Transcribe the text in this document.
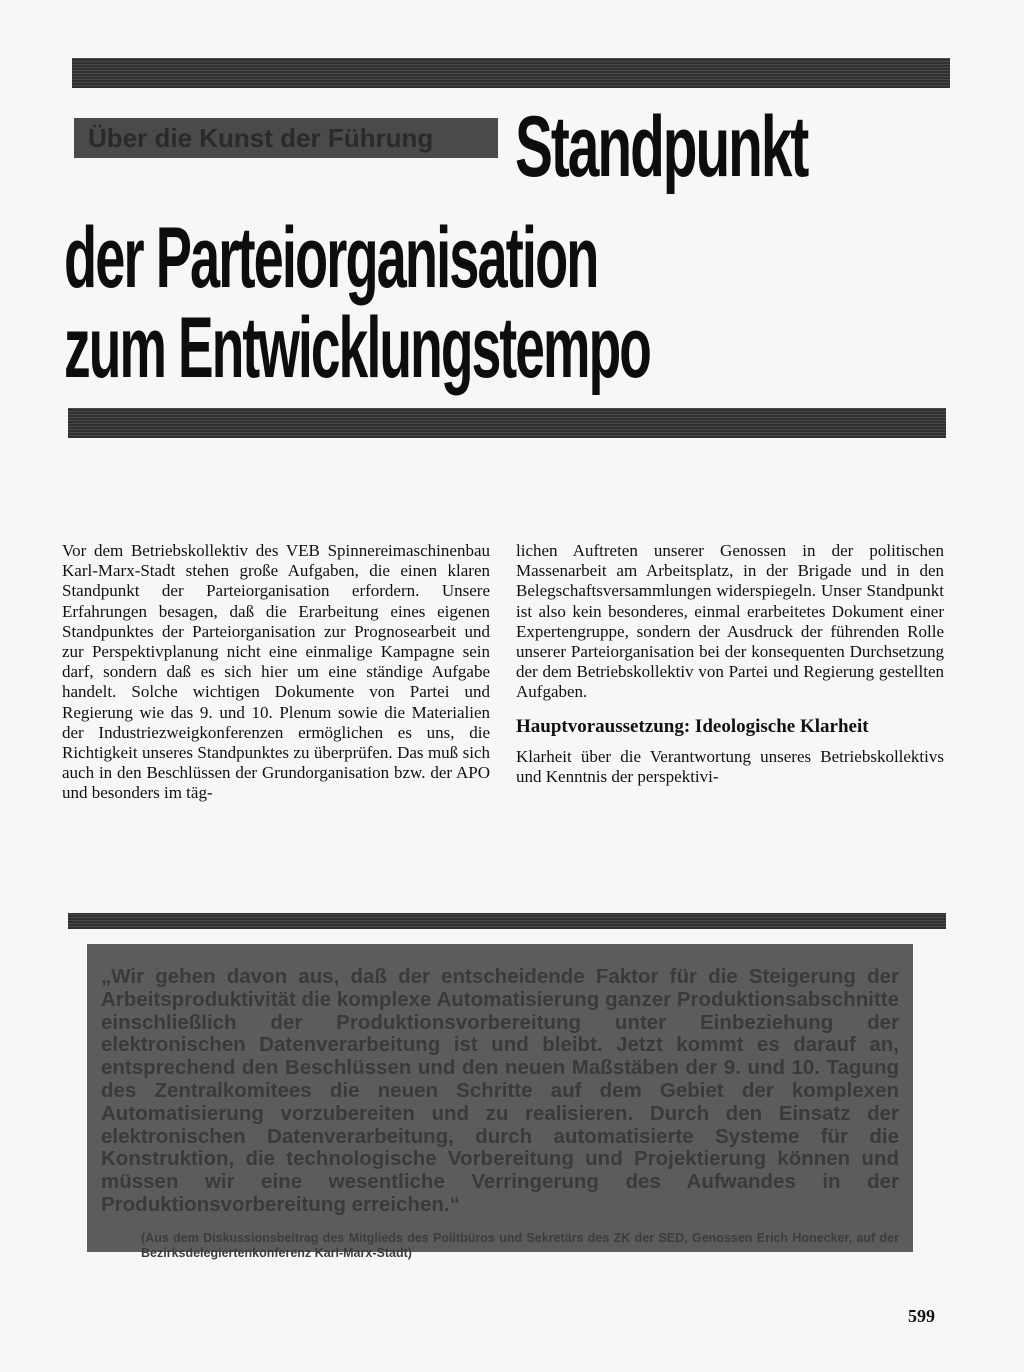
Über die Kunst der Führung Standpunkt
der Parteiorganisation
zum Entwicklungstempo

Vor dem Betriebskollektiv des VEB Spinnereimaschinenbau Karl-Marx-Stadt stehen große Aufgaben, die einen klaren Standpunkt der Parteiorganisation erfordern. Unsere Erfahrungen besagen, daß die Erarbeitung eines eigenen Standpunktes der Parteiorganisation zur Prognosearbeit und zur Perspektivplanung nicht eine einmalige Kampagne sein darf, sondern daß es sich hier um eine ständige Aufgabe handelt. Solche wichtigen Dokumente von Partei und Regierung wie das 9. und 10. Plenum sowie die Materialien der Industriezweigkonferenzen ermöglichen es uns, die Richtigkeit unseres Standpunktes zu überprüfen. Das muß sich auch in den Beschlüssen der Grundorganisation bzw. der APO und besonders im täg-

lichen Auftreten unserer Genossen in der politischen Massenarbeit am Arbeitsplatz, in der Brigade und in den Belegschaftsversammlungen widerspiegeln. Unser Standpunkt ist also kein besonderes, einmal erarbeitetes Dokument einer Expertengruppe, sondern der Ausdruck der führenden Rolle unserer Parteiorganisation bei der konsequenten Durchsetzung der dem Betriebskollektiv von Partei und Regierung gestellten Aufgaben.

Hauptvoraussetzung: Ideologische Klarheit

Klarheit über die Verantwortung unseres Betriebskollektivs und Kenntnis der perspektivi-

„Wir gehen davon aus, daß der entscheidende Faktor für die Steigerung der Arbeitsproduktivität die komplexe Automatisierung ganzer Produktionsabschnitte einschließlich der Produktionsvorbereitung unter Einbeziehung der elektronischen Datenverarbeitung ist und bleibt. Jetzt kommt es darauf an, entsprechend den Beschlüssen und den neuen Maßstäben der 9. und 10. Tagung des Zentralkomitees die neuen Schritte auf dem Gebiet der komplexen Automatisierung vorzubereiten und zu realisieren. Durch den Einsatz der elektronischen Datenverarbeitung, durch automatisierte Systeme für die Konstruktion, die technologische Vorbereitung und Projektierung können und müssen wir eine wesentliche Verringerung des Aufwandes in der Produktionsvorbereitung erreichen.“

(Aus dem Diskussionsbeitrag des Mitglieds des Politbüros und Sekretärs des ZK der SED, Genossen Erich Honecker, auf der Bezirksdelegiertenkonferenz Karl-Marx-Stadt)

599
